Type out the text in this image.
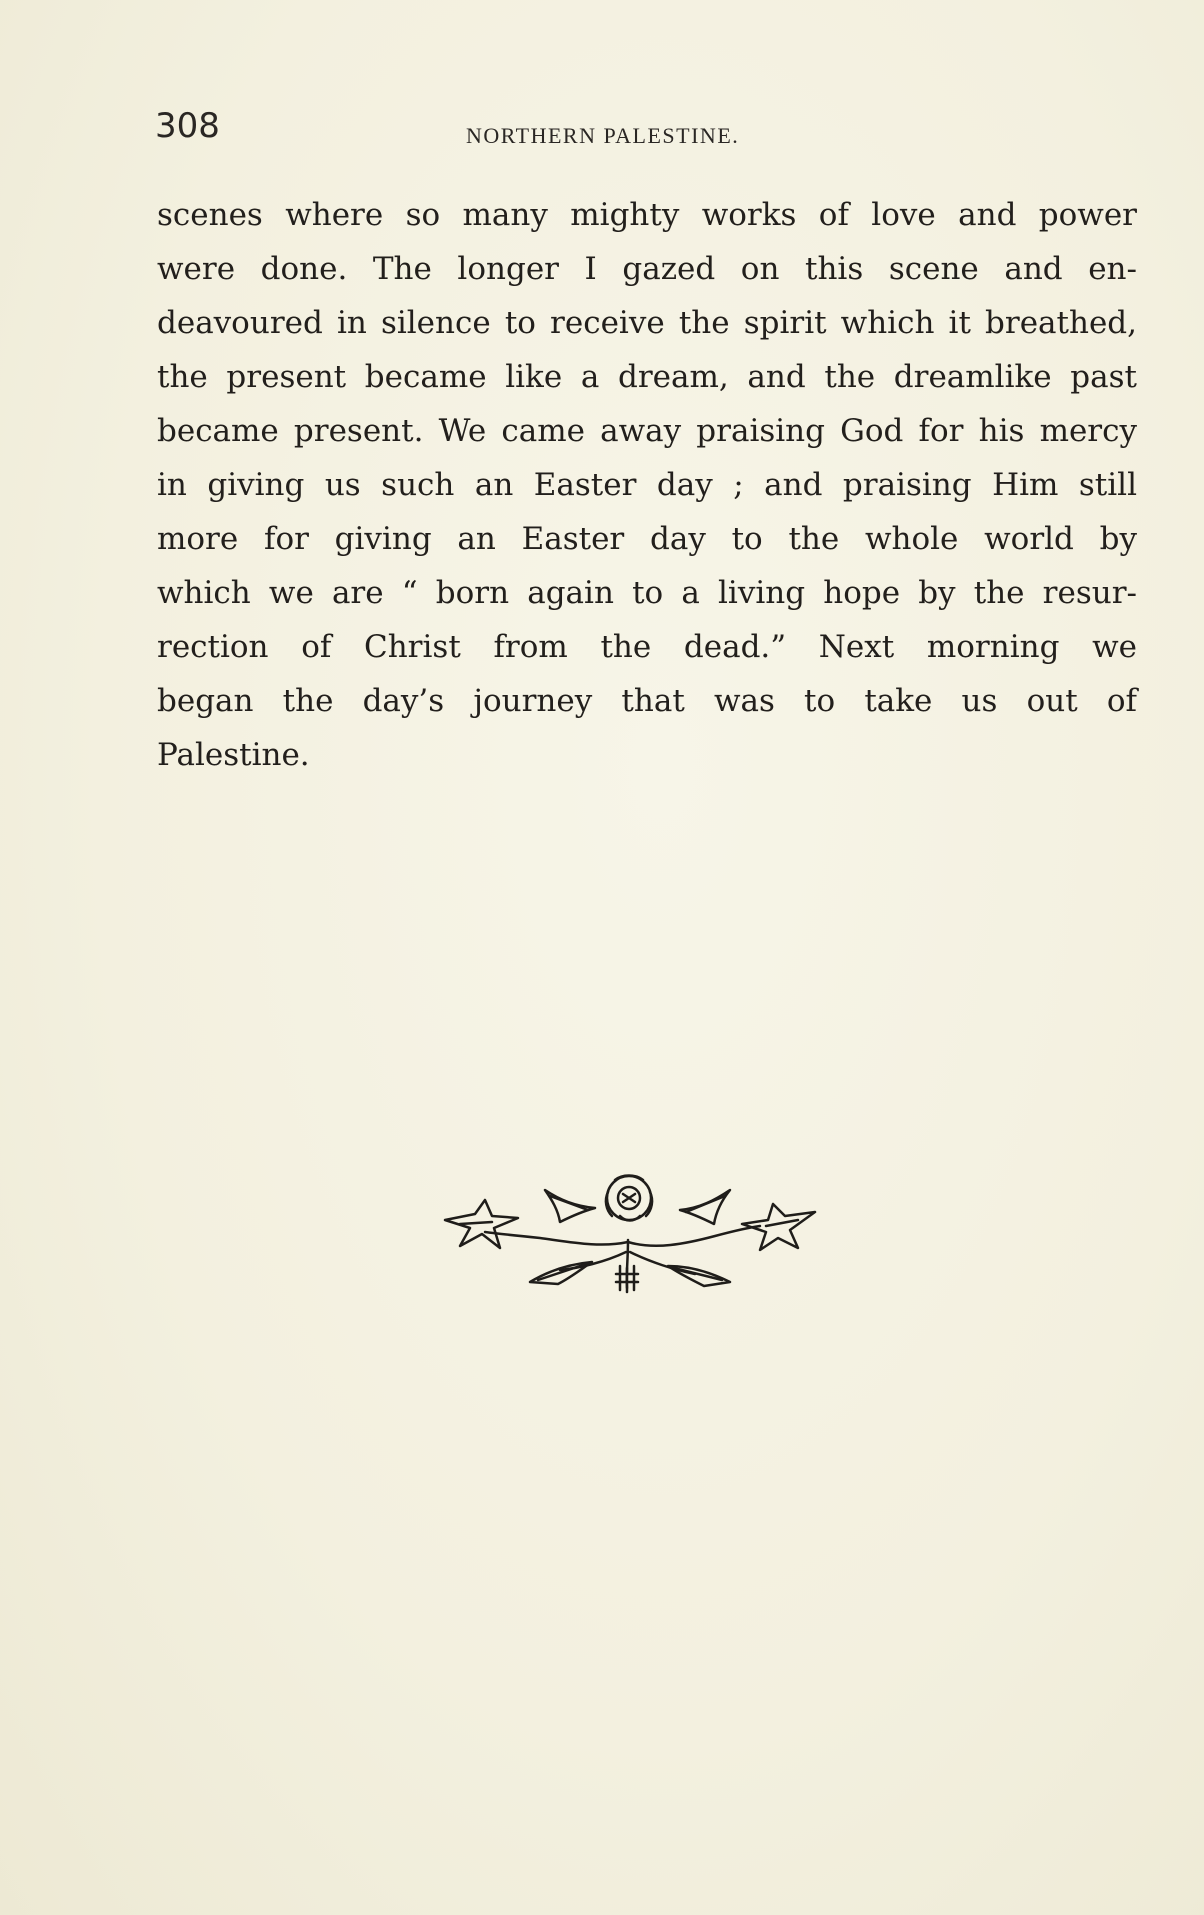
308	NORTHERN PALESTINE.
scenes where so many mighty works of love and power
were done. The longer I gazed on this scene and en-
deavoured in silence to receive the spirit which it breathed,
the present became like a dream, and the dreamlike past
became present. We came away praising God for his mercy
in giving us such an Easter day ; and praising Him still
more for giving an Easter day to the whole world by
which we are “ born again to a living hope by the resur-
rection of Christ from the dead.” Next morning we
began the day’s journey that was to take us out of
Palestine.
